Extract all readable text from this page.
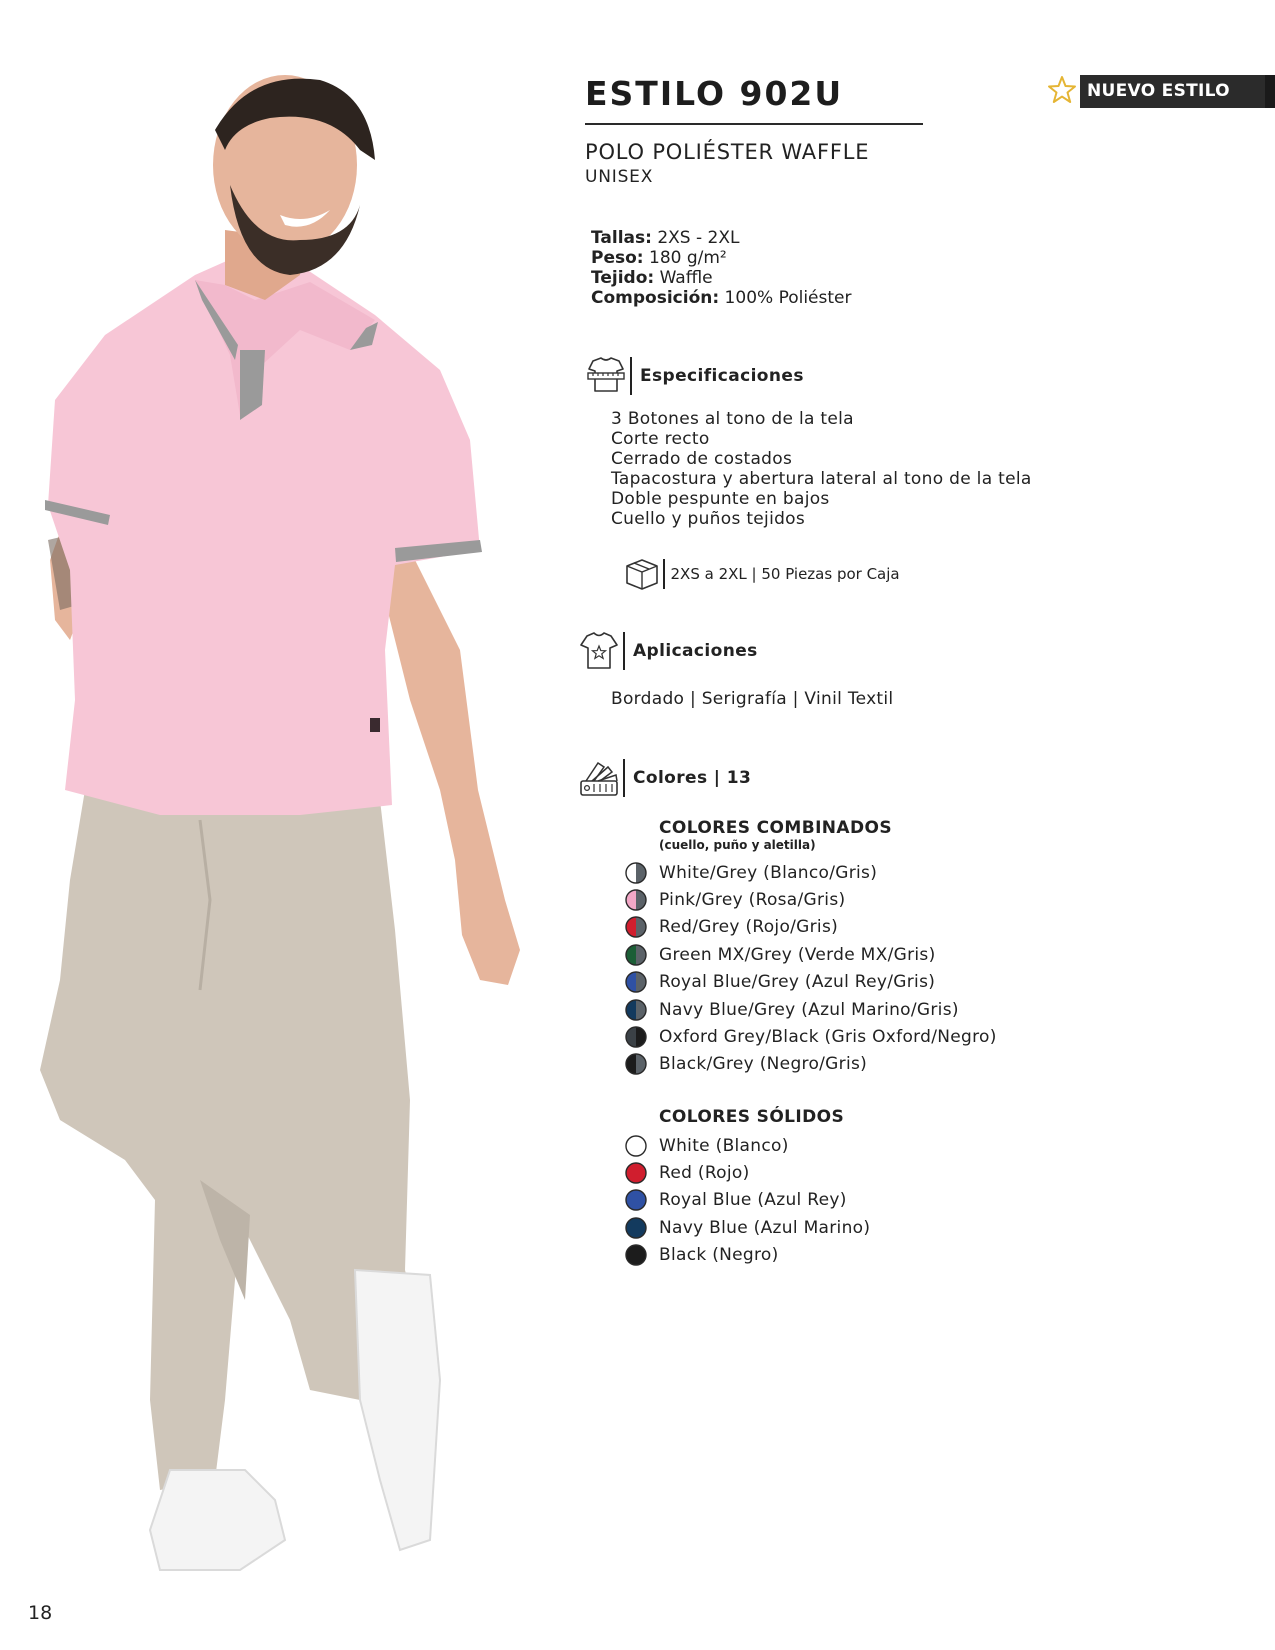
18
ESTILO 902U	NUEVO ESTILO
POLO POLIÉSTER WAFFLE
UNISEX
Tallas: 2XS - 2XL
Peso: 180 g/m²
Tejido: Waffle
Composición: 100% Poliéster
Especificaciones
3 Botones al tono de la tela
Corte recto
Cerrado de costados
Tapacostura y abertura lateral al tono de la tela
Doble pespunte en bajos
Cuello y puños tejidos
2XS a 2XL | 50 Piezas por Caja
Aplicaciones
Bordado | Serigrafía | Vinil Textil
Colores | 13
COLORES COMBINADOS
(cuello, puño y aletilla)
White/Grey (Blanco/Gris)
Pink/Grey (Rosa/Gris)
Red/Grey (Rojo/Gris)
Green MX/Grey (Verde MX/Gris)
Royal Blue/Grey (Azul Rey/Gris)
Navy Blue/Grey (Azul Marino/Gris)
Oxford Grey/Black (Gris Oxford/Negro)
Black/Grey (Negro/Gris)
COLORES SÓLIDOS
White (Blanco)
Red (Rojo)
Royal Blue (Azul Rey)
Navy Blue (Azul Marino)
Black (Negro)
